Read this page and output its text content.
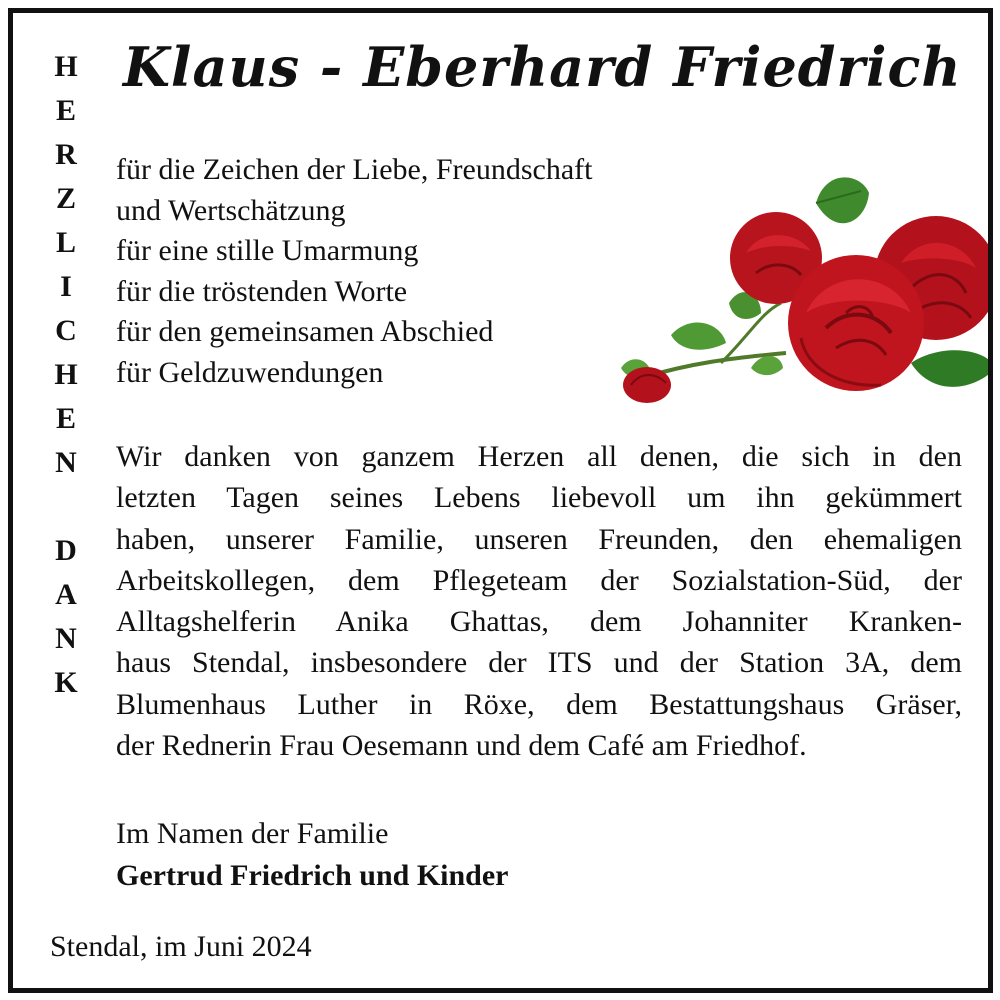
H
E
R
Z
L
I
C
H
E
N
D
A
N
K
Klaus - Eberhard Friedrich
für die Zeichen der Liebe, Freundschaft
und Wertschätzung
für eine stille Umarmung
für die tröstenden Worte
für den gemeinsamen Abschied
für Geldzuwendungen
Wir danken von ganzem Herzen all denen, die sich in den
letzten Tagen seines Lebens liebevoll um ihn gekümmert
haben, unserer Familie, unseren Freunden, den ehemaligen
Arbeitskollegen, dem Pflegeteam der Sozialstation-Süd, der
Alltagshelferin Anika Ghattas, dem Johanniter Kranken-
haus Stendal, insbesondere der ITS und der Station 3A, dem
Blumenhaus Luther in Röxe, dem Bestattungshaus Gräser,
der Rednerin Frau Oesemann und dem Café am Friedhof.
Im Namen der Familie
Gertrud Friedrich und Kinder
Stendal, im Juni 2024
